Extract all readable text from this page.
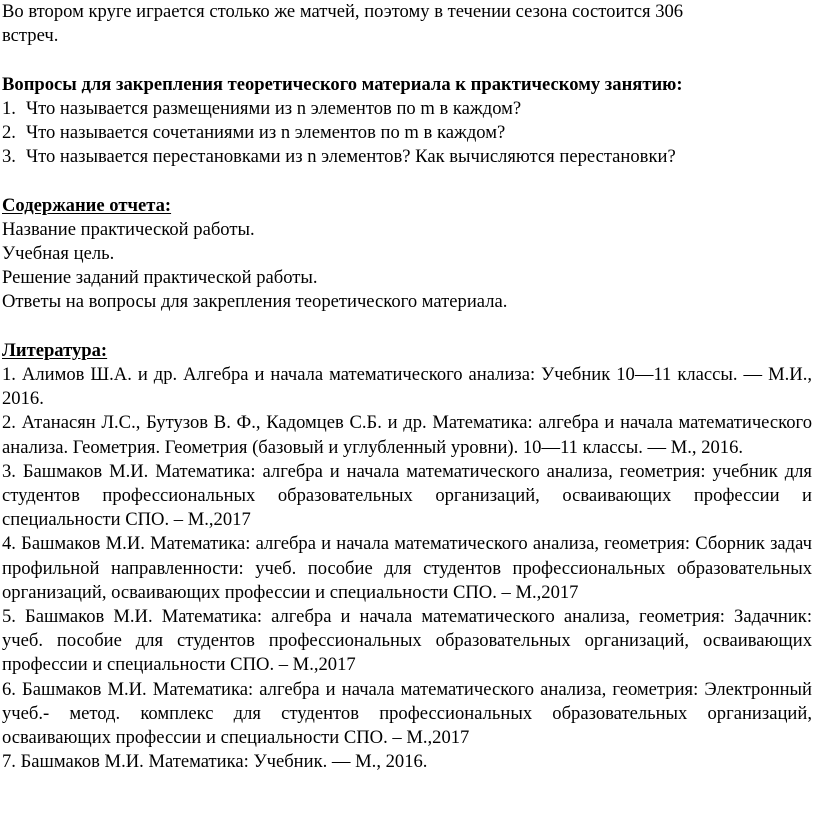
Во втором круге играется столько же матчей, поэтому в течении сезона состоится 306
встреч.
Вопросы для закрепления теоретического материала к практическому занятию:
1. Что называется размещениями из n элементов по m в каждом?
2. Что называется сочетаниями из n элементов по m в каждом?
3. Что называется перестановками из n элементов? Как вычисляются перестановки?
Содержание отчета:
Название практической работы.
Учебная цель.
Решение заданий практической работы.
Ответы на вопросы для закрепления теоретического материала.
Литература:
1. Алимов Ш.А. и др. Алгебра и начала математического анализа: Учебник 10—11 классы. — М.И., 2016.
2. Атанасян Л.С., Бутузов В. Ф., Кадомцев С.Б. и др. Математика: алгебра и начала математического анализа. Геометрия. Геометрия (базовый и углубленный уровни). 10—11 классы. — М., 2016.
3. Башмаков М.И. Математика: алгебра и начала математического анализа, геометрия: учебник для студентов профессиональных образовательных организаций, осваивающих профессии и специальности СПО. – М.,2017
4. Башмаков М.И. Математика: алгебра и начала математического анализа, геометрия: Сборник задач профильной направленности: учеб. пособие для студентов профессиональных образовательных организаций, осваивающих профессии и специальности СПО. – М.,2017
5. Башмаков М.И. Математика: алгебра и начала математического анализа, геометрия: Задачник: учеб. пособие для студентов профессиональных образовательных организаций, осваивающих профессии и специальности СПО. – М.,2017
6. Башмаков М.И. Математика: алгебра и начала математического анализа, геометрия: Электронный учеб.- метод. комплекс для студентов профессиональных образовательных организаций, осваивающих профессии и специальности СПО. – М.,2017
7. Башмаков М.И. Математика: Учебник. — М., 2016.
